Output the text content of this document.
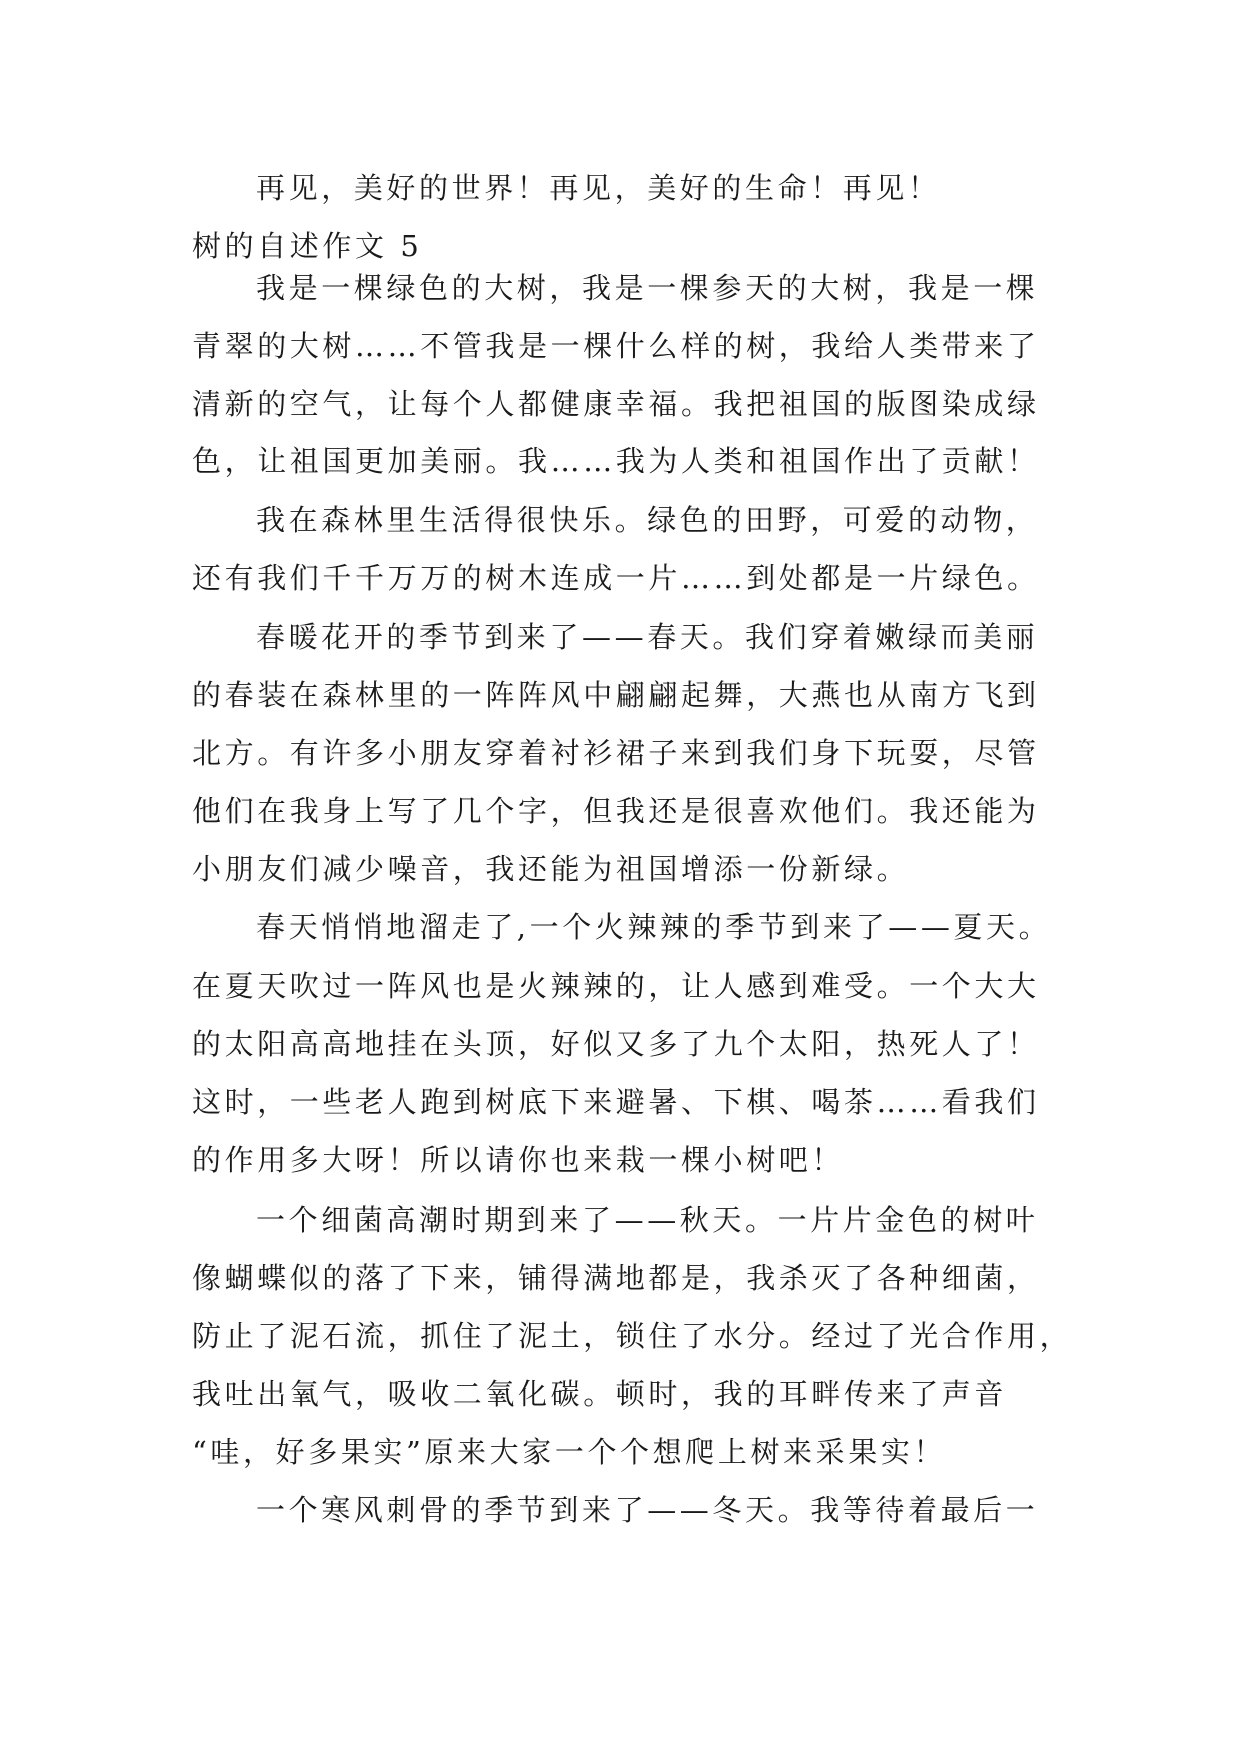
再见，美好的世界！再见，美好的生命！再见！
树的自述作文 5
我是一棵绿色的大树，我是一棵参天的大树，我是一棵
青翠的大树……不管我是一棵什么样的树，我给人类带来了
清新的空气，让每个人都健康幸福。我把祖国的版图染成绿
色，让祖国更加美丽。我……我为人类和祖国作出了贡献！
我在森林里生活得很快乐。绿色的田野，可爱的动物，
还有我们千千万万的树木连成一片……到处都是一片绿色。
春暖花开的季节到来了——春天。我们穿着嫩绿而美丽
的春装在森林里的一阵阵风中翩翩起舞，大燕也从南方飞到
北方。有许多小朋友穿着衬衫裙子来到我们身下玩耍，尽管
他们在我身上写了几个字，但我还是很喜欢他们。我还能为
小朋友们减少噪音，我还能为祖国增添一份新绿。
春天悄悄地溜走了,一个火辣辣的季节到来了——夏天。
在夏天吹过一阵风也是火辣辣的，让人感到难受。一个大大
的太阳高高地挂在头顶，好似又多了九个太阳，热死人了！
这时，一些老人跑到树底下来避暑、下棋、喝茶……看我们
的作用多大呀！所以请你也来栽一棵小树吧！
一个细菌高潮时期到来了——秋天。一片片金色的树叶
像蝴蝶似的落了下来，铺得满地都是，我杀灭了各种细菌，
防止了泥石流，抓住了泥土，锁住了水分。经过了光合作用，
我吐出氧气，吸收二氧化碳。顿时，我的耳畔传来了声音
“哇，好多果实”原来大家一个个想爬上树来采果实！
一个寒风刺骨的季节到来了——冬天。我等待着最后一
